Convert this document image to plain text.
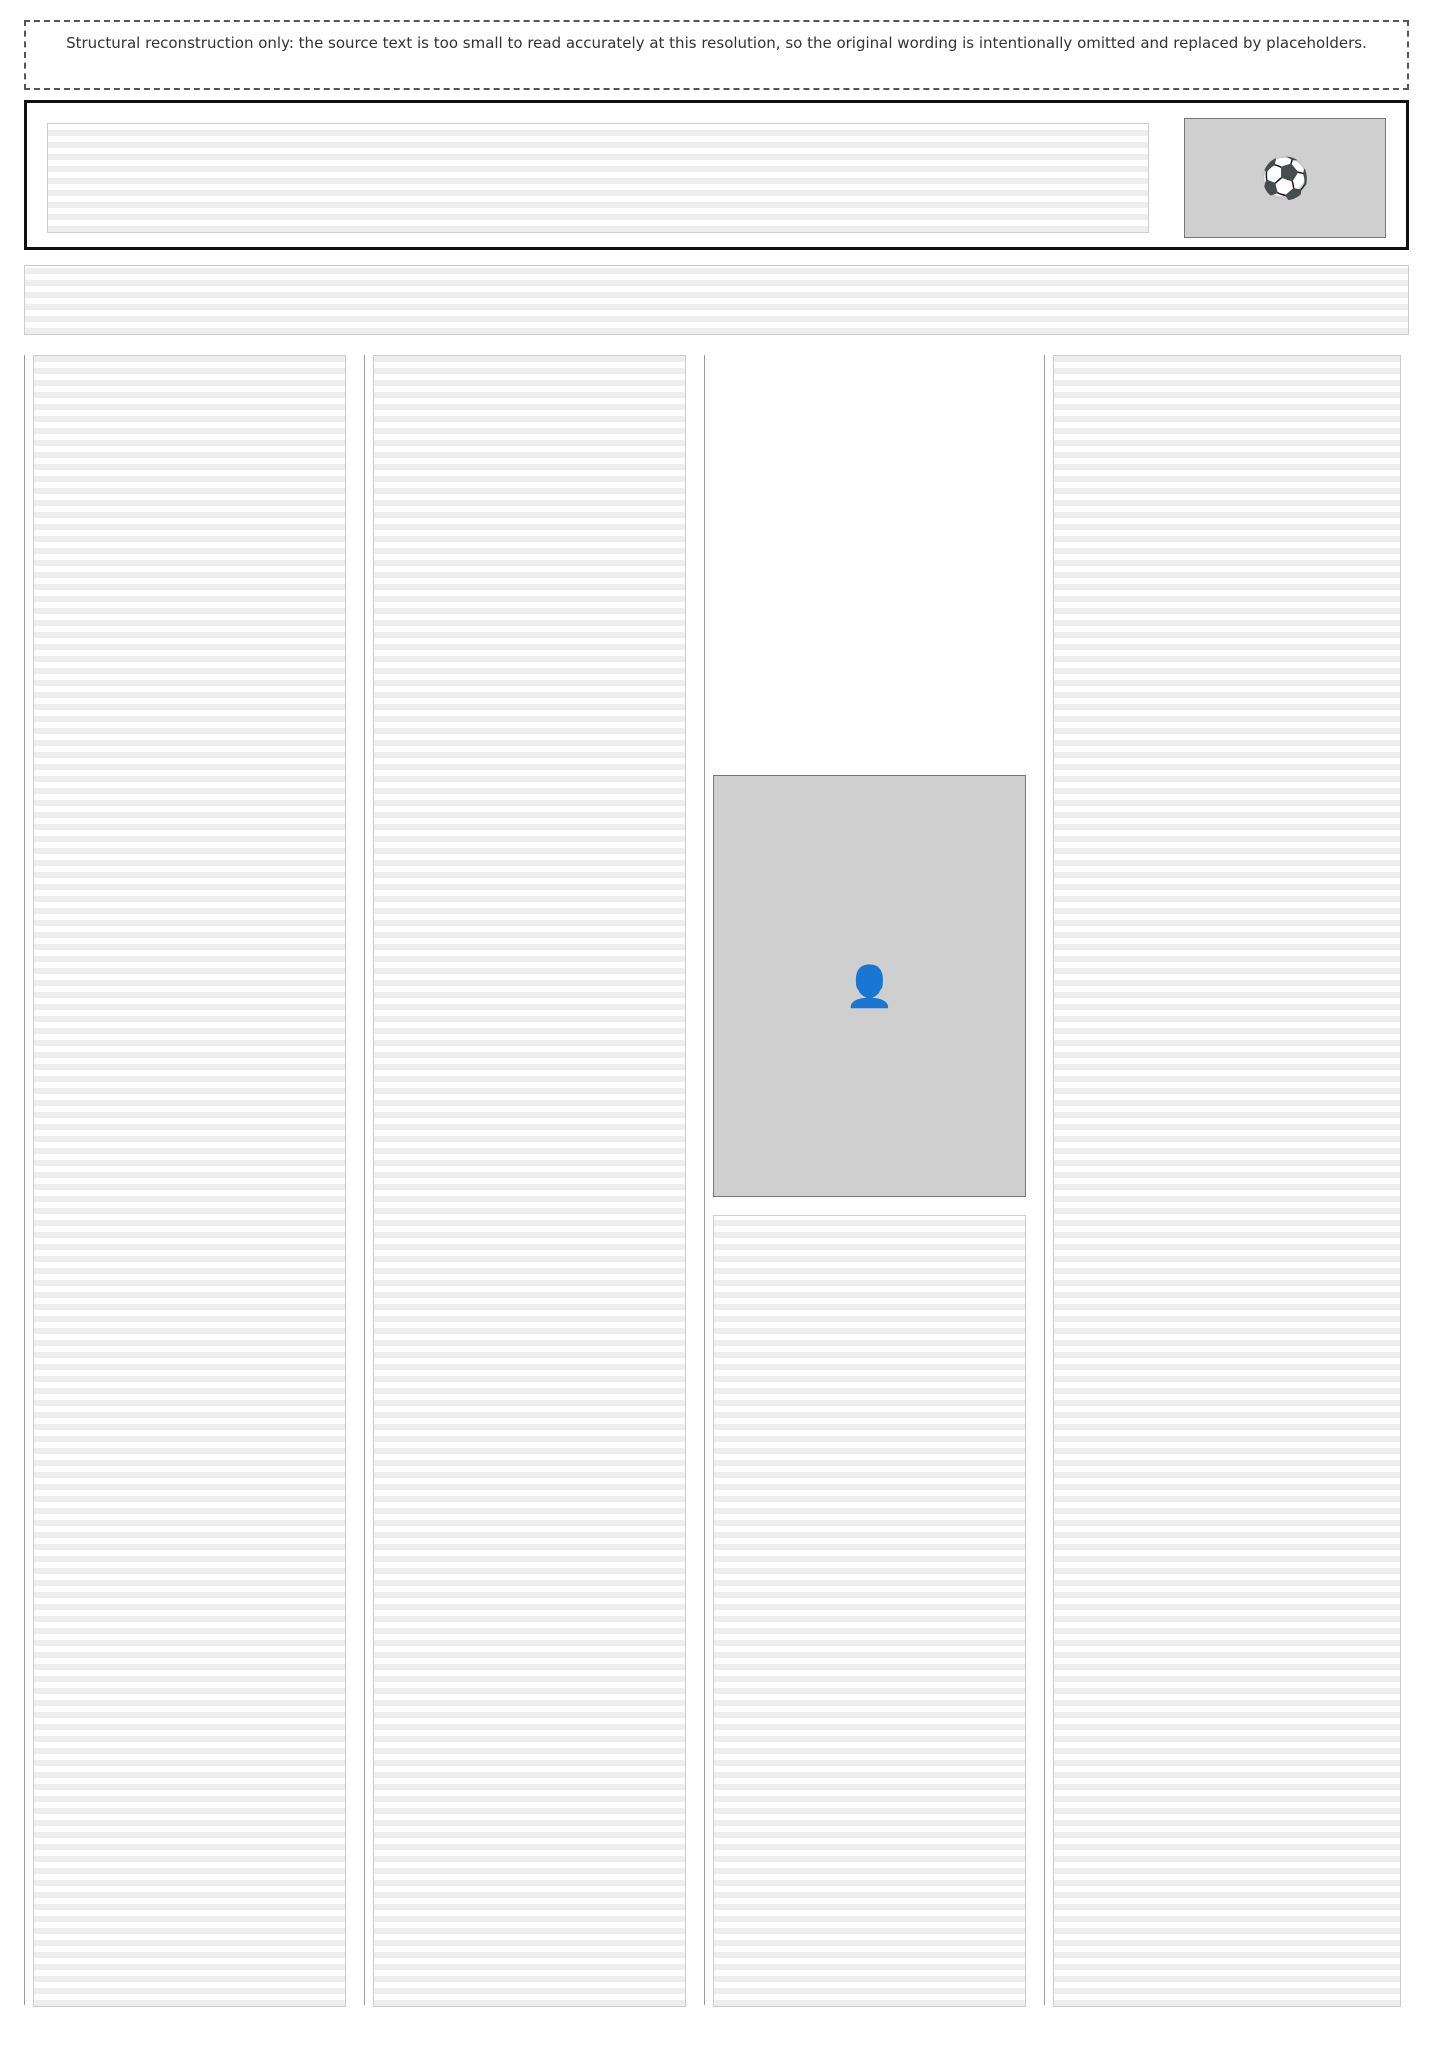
Structural reconstruction only: the source text is too small to read accurately at this resolution, so the original wording is intentionally omitted and replaced by placeholders.
⚽
👤
